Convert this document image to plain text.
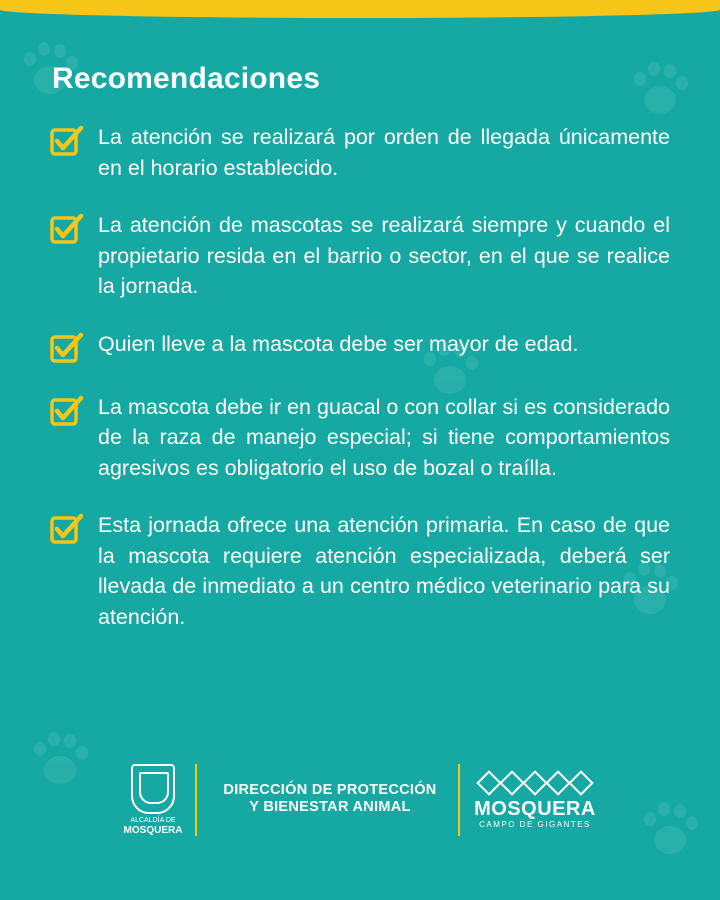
Recomendaciones
La atención se realizará por orden de llegada únicamente en el horario establecido.
La atención de mascotas se realizará siempre y cuando el propietario resida en el barrio o sector, en el que se realice la jornada.
Quien lleve a la mascota debe ser mayor de edad.
La mascota debe ir en guacal o con collar si es considerado de la raza de manejo especial; si tiene comportamientos agresivos es obligatorio el uso de bozal o traílla.
Esta jornada ofrece una atención primaria. En caso de que la mascota requiere atención especializada, deberá ser llevada de inmediato a un centro médico veterinario para su atención.
ALCALDÍA DE
MOSQUERA
DIRECCIÓN DE PROTECCIÓN
Y BIENESTAR ANIMAL	MOSQUERA
CAMPO DE GIGANTES
